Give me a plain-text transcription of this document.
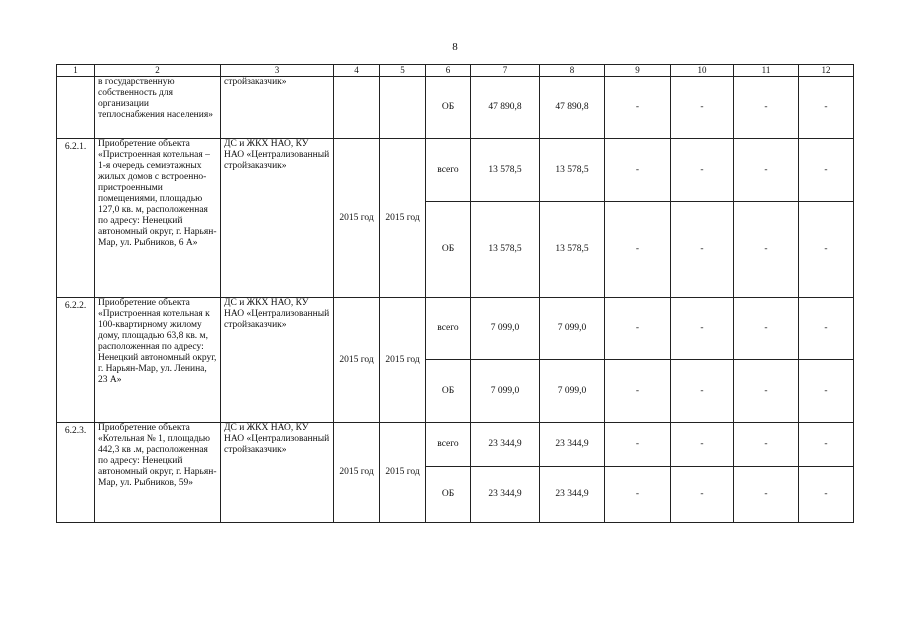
8
1	2	3	4	5	6	7	8	9	10	11	12
	в государственную собственность для организации теплоснабжения населения»	стройзаказчик»			ОБ	47 890,8	47 890,8	-	-	-	-
6.2.1.	Приобретение объекта «Пристроенная котельная – 1-я очередь семиэтажных жилых домов с встроенно-пристроенными помещениями, площадью 127,0 кв. м, расположенная по адресу: Ненецкий автономный округ, г. Нарьян-Мар, ул. Рыбников, 6 А»	ДС и ЖКХ НАО, КУ НАО «Централизованный стройзаказчик»	2015 год	2015 год	всего	13 578,5	13 578,5	-	-	-	-
					ОБ	13 578,5	13 578,5	-	-	-	-
6.2.2.	Приобретение объекта «Пристроенная котельная к 100-квартирному жилому дому, площадью 63,8 кв. м, расположенная по адресу: Ненецкий автономный округ, г. Нарьян-Мар, ул. Ленина, 23 А»	ДС и ЖКХ НАО, КУ НАО «Централизованный стройзаказчик»	2015 год	2015 год	всего	7 099,0	7 099,0	-	-	-	-
					ОБ	7 099,0	7 099,0	-	-	-	-
6.2.3.	Приобретение объекта «Котельная № 1, площадью 442,3 кв .м, расположенная по адресу: Ненецкий автономный округ, г. Нарьян-Мар, ул. Рыбников, 59»	ДС и ЖКХ НАО, КУ НАО «Централизованный стройзаказчик»	2015 год	2015 год	всего	23 344,9	23 344,9	-	-	-	-
					ОБ	23 344,9	23 344,9	-	-	-	-
